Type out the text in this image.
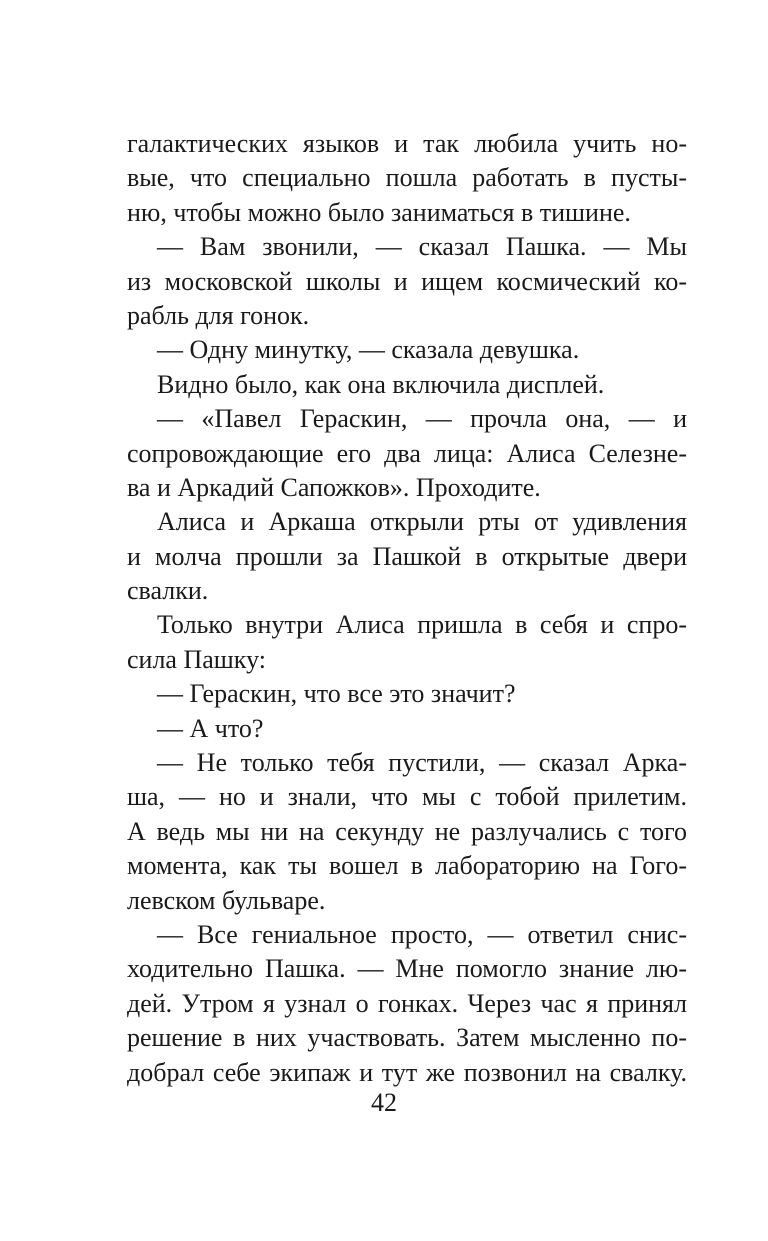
галактических языков и так любила учить но-
вые, что специально пошла работать в пусты-
ню, чтобы можно было заниматься в тишине.
— Вам звонили, — сказал Пашка. — Мы
из московской школы и ищем космический ко-
рабль для гонок.
— Одну минутку, — сказала девушка.
Видно было, как она включила дисплей.
— «Павел Гераскин, — прочла она, — и
сопровождающие его два лица: Алиса Селезне-
ва и Аркадий Сапожков». Проходите.
Алиса и Аркаша открыли рты от удивления
и молча прошли за Пашкой в открытые двери
свалки.
Только внутри Алиса пришла в себя и спро-
сила Пашку:
— Гераскин, что все это значит?
— А что?
— Не только тебя пустили, — сказал Арка-
ша, — но и знали, что мы с тобой прилетим.
А ведь мы ни на секунду не разлучались с того
момента, как ты вошел в лабораторию на Гого-
левском бульваре.
— Все гениальное просто, — ответил снис-
ходительно Пашка. — Мне помогло знание лю-
дей. Утром я узнал о гонках. Через час я принял
решение в них участвовать. Затем мысленно по-
добрал себе экипаж и тут же позвонил на свалку.
42
